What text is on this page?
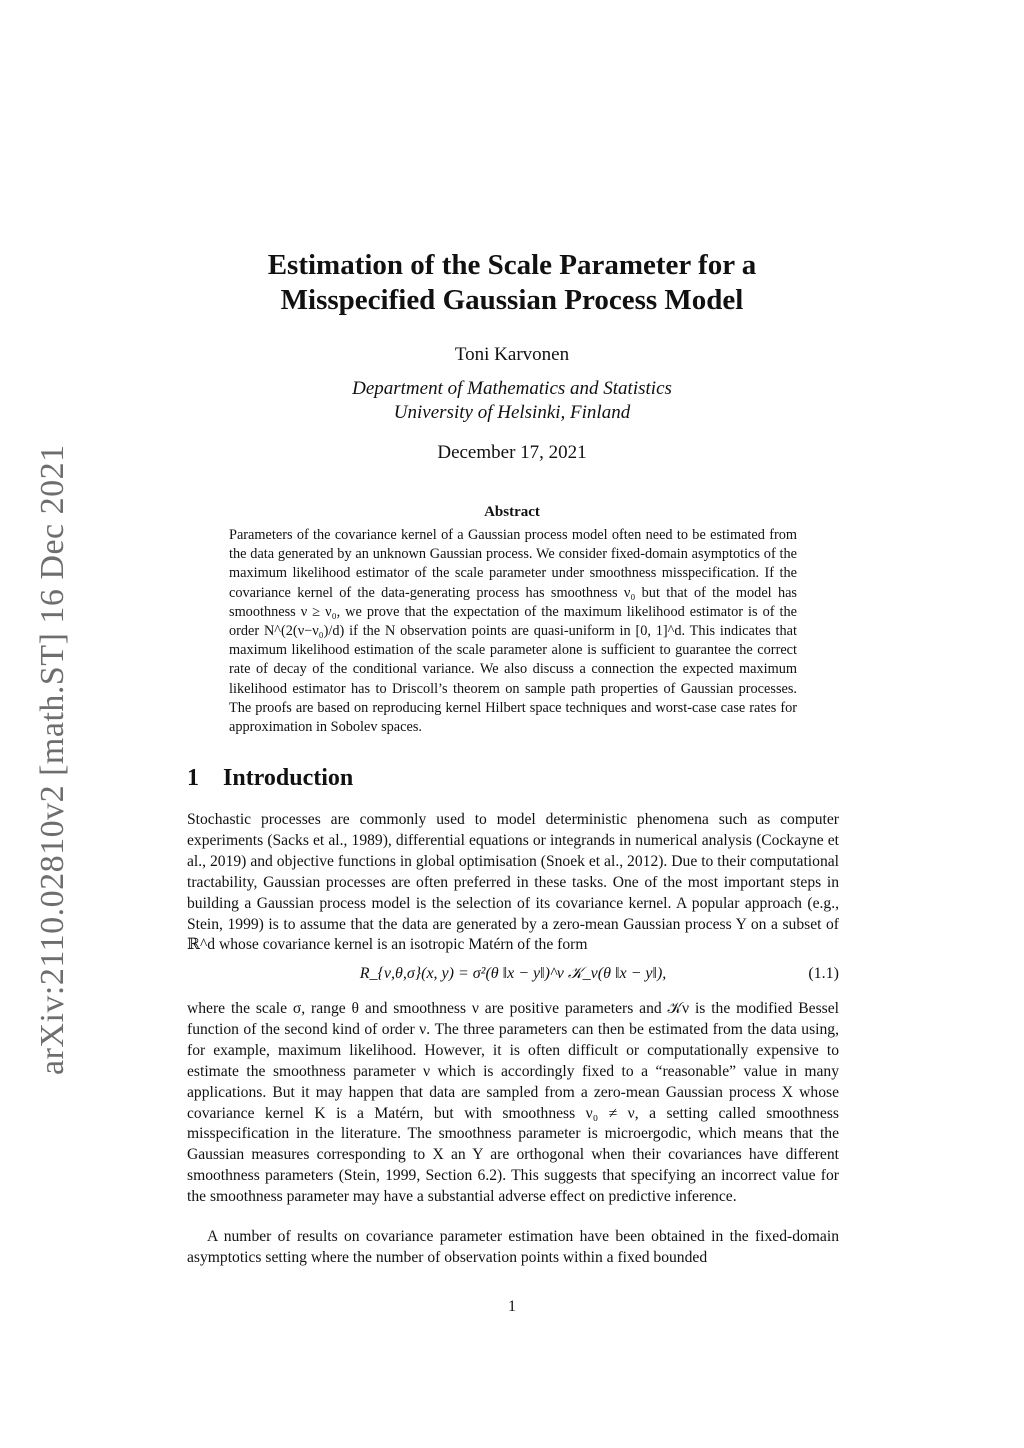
arXiv:2110.02810v2 [math.ST] 16 Dec 2021
Estimation of the Scale Parameter for a
Misspecified Gaussian Process Model
Toni Karvonen
Department of Mathematics and Statistics
University of Helsinki, Finland
December 17, 2021
Abstract
Parameters of the covariance kernel of a Gaussian process model often need to be estimated from the data generated by an unknown Gaussian process. We consider fixed-domain asymptotics of the maximum likelihood estimator of the scale parameter under smoothness misspecification. If the covariance kernel of the data-generating process has smoothness ν₀ but that of the model has smoothness ν ≥ ν₀, we prove that the expectation of the maximum likelihood estimator is of the order N^(2(ν−ν₀)/d) if the N observation points are quasi-uniform in [0, 1]^d. This indicates that maximum likelihood estimation of the scale parameter alone is sufficient to guarantee the correct rate of decay of the conditional variance. We also discuss a connection the expected maximum likelihood estimator has to Driscoll’s theorem on sample path properties of Gaussian processes. The proofs are based on reproducing kernel Hilbert space techniques and worst-case case rates for approximation in Sobolev spaces.
1 Introduction
Stochastic processes are commonly used to model deterministic phenomena such as computer experiments (Sacks et al., 1989), differential equations or integrands in numerical analysis (Cockayne et al., 2019) and objective functions in global optimisation (Snoek et al., 2012). Due to their computational tractability, Gaussian processes are often preferred in these tasks. One of the most important steps in building a Gaussian process model is the selection of its covariance kernel. A popular approach (e.g., Stein, 1999) is to assume that the data are generated by a zero-mean Gaussian process Y on a subset of ℝ^d whose covariance kernel is an isotropic Matérn of the form
R_{ν,θ,σ}(x, y) = σ²(θ ‖x − y‖)^ν 𝒦_ν(θ ‖x − y‖),	(1.1)
where the scale σ, range θ and smoothness ν are positive parameters and 𝒦ν is the modified Bessel function of the second kind of order ν. The three parameters can then be estimated from the data using, for example, maximum likelihood. However, it is often difficult or computationally expensive to estimate the smoothness parameter ν which is accordingly fixed to a “reasonable” value in many applications. But it may happen that data are sampled from a zero-mean Gaussian process X whose covariance kernel K is a Matérn, but with smoothness ν₀ ≠ ν, a setting called smoothness misspecification in the literature. The smoothness parameter is microergodic, which means that the Gaussian measures corresponding to X an Y are orthogonal when their covariances have different smoothness parameters (Stein, 1999, Section 6.2). This suggests that specifying an incorrect value for the smoothness parameter may have a substantial adverse effect on predictive inference.
A number of results on covariance parameter estimation have been obtained in the fixed-domain asymptotics setting where the number of observation points within a fixed bounded
1
